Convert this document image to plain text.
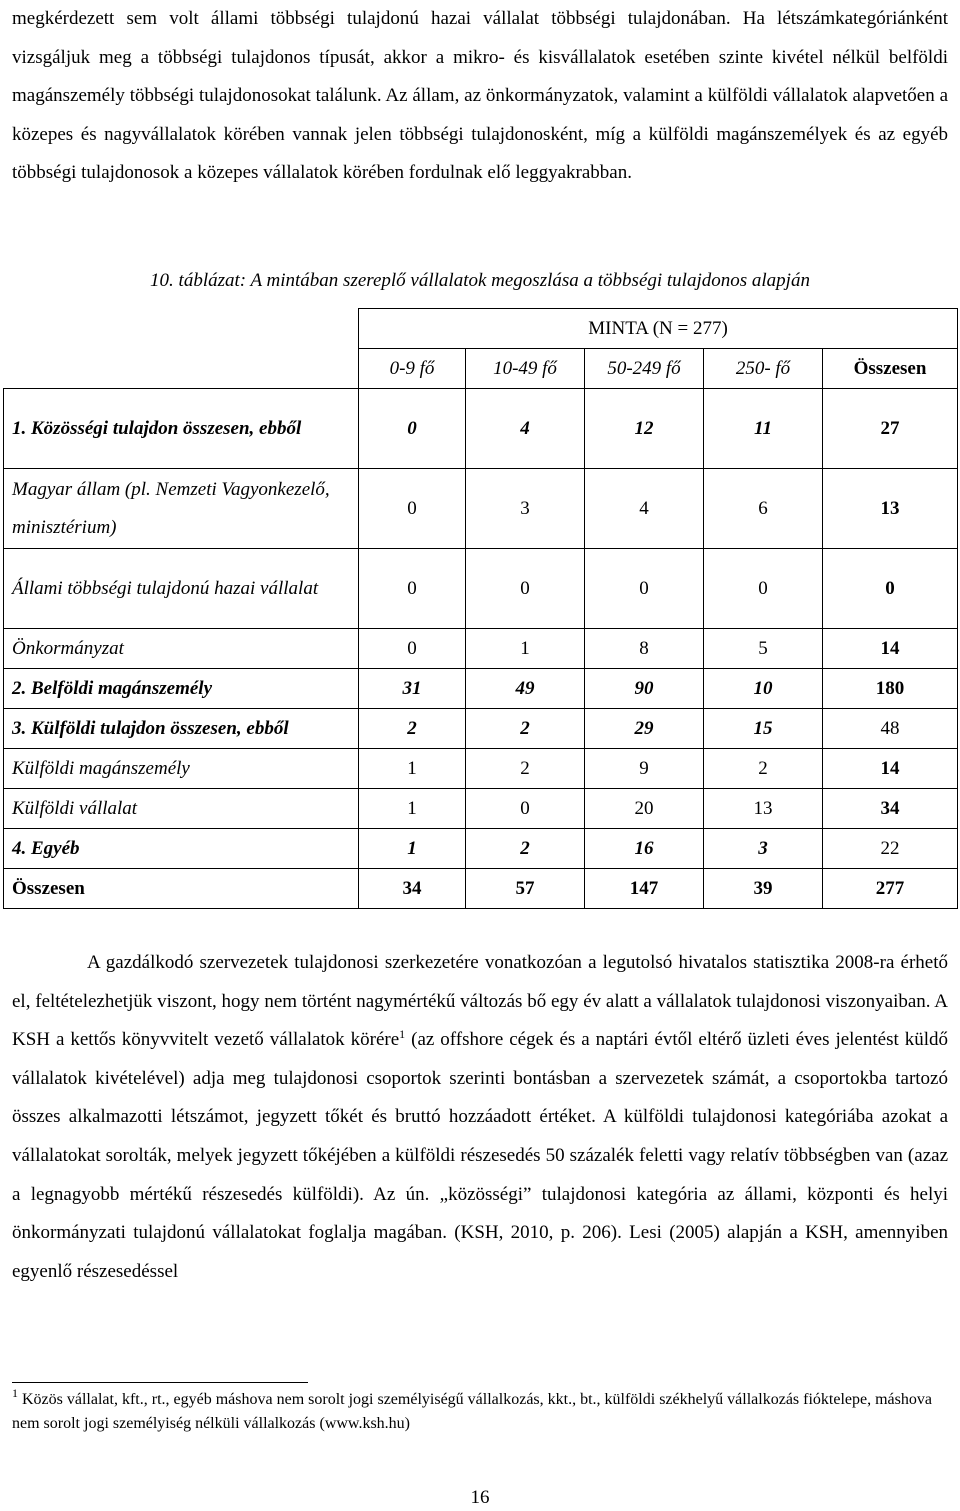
megkérdezett sem volt állami többségi tulajdonú hazai vállalat többségi tulajdonában. Ha létszámkategóriánként vizsgáljuk meg a többségi tulajdonos típusát, akkor a mikro- és kisvállalatok esetében szinte kivétel nélkül belföldi magánszemély többségi tulajdonosokat találunk. Az állam, az önkormányzatok, valamint a külföldi vállalatok alapvetően a közepes és nagyvállalatok körében vannak jelen többségi tulajdonosként, míg a külföldi magánszemélyek és az egyéb többségi tulajdonosok a közepes vállalatok körében fordulnak elő leggyakrabban.
10. táblázat: A mintában szereplő vállalatok megoszlása a többségi tulajdonos alapján
	MINTA (N = 277)				
	0-9 fő	10-49 fő	50-249 fő	250- fő	Összesen
1. Közösségi tulajdon összesen, ebből	0	4	12	11	27
Magyar állam (pl. Nemzeti Vagyonkezelő, minisztérium)	0	3	4	6	13
Állami többségi tulajdonú hazai vállalat	0	0	0	0	0
Önkormányzat	0	1	8	5	14
2. Belföldi magánszemély	31	49	90	10	180
3. Külföldi tulajdon összesen, ebből	2	2	29	15	48
Külföldi magánszemély	1	2	9	2	14
Külföldi vállalat	1	0	20	13	34
4. Egyéb	1	2	16	3	22
Összesen	34	57	147	39	277
A gazdálkodó szervezetek tulajdonosi szerkezetére vonatkozóan a legutolsó hivatalos statisztika 2008-ra érhető el, feltételezhetjük viszont, hogy nem történt nagymértékű változás bő egy év alatt a vállalatok tulajdonosi viszonyaiban. A KSH a kettős könyvvitelt vezető vállalatok körére$^1$ (az offshore cégek és a naptári évtől eltérő üzleti éves jelentést küldő vállalatok kivételével) adja meg tulajdonosi csoportok szerinti bontásban a szervezetek számát, a csoportokba tartozó összes alkalmazotti létszámot, jegyzett tőkét és bruttó hozzáadott értéket. A külföldi tulajdonosi kategóriába azokat a vállalatokat sorolták, melyek jegyzett tőkéjében a külföldi részesedés 50 százalék feletti vagy relatív többségben van (azaz a legnagyobb mértékű részesedés külföldi). Az ún. „közösségi” tulajdonosi kategória az állami, központi és helyi önkormányzati tulajdonú vállalatokat foglalja magában. (KSH, 2010, p. 206). Lesi (2005) alapján a KSH, amennyiben egyenlő részesedéssel
$^1$ Közös vállalat, kft., rt., egyéb máshova nem sorolt jogi személyiségű vállalkozás, kkt., bt., külföldi székhelyű vállalkozás fióktelepe, máshova nem sorolt jogi személyiség nélküli vállalkozás (www.ksh.hu)
16
